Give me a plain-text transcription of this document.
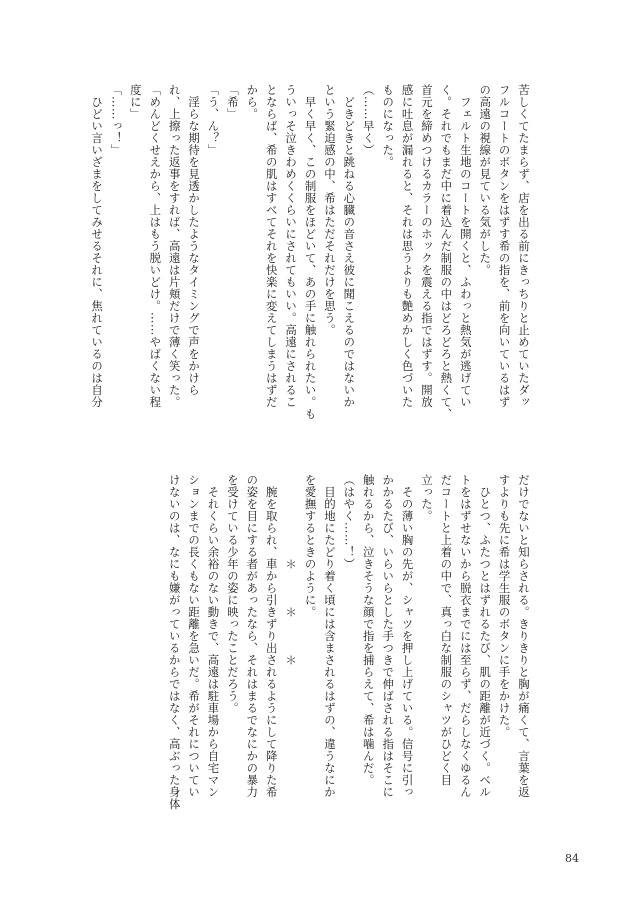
苦しくてたまらず、店を出る前にきっちりと止めていたダッ
フルコートのボタンをはずす希の指を、前を向いているはず
の高遠の視線が見ている気がした。
　フェルト生地のコートを開くと、ふわっと熱気が逃げてい
く。それでもまだ中に着込んだ制服の中はどろどろと熱くて、
首元を締めつけるカラーのホックを震える指ではずす。開放
感に吐息が漏れると、それは思うよりも艶めかしく色づいた
ものになった。
（……早く）
　どきどきと跳ねる心臓の音さえ彼に聞こえるのではないか
という緊迫感の中、希はただそれだけを思う。
　早く早く、この制服をほどいて、あの手に触れられたい。も
ういっそ泣きわめくくらいにされてもいい。高遠にされるこ
とならば、希の肌はすべてそれを快楽に変えてしまうはずだ
から。
「希」
「う、ん？」
　淫らな期待を見透かしたようなタイミングで声をかけら
れ、上擦った返事をすれば、高遠は片頬だけで薄く笑った。
「めんどくせえから、上はもう脱いどけ。……やばくない程
度に」
「……っ！」
　ひどい言いざまをしてみせるそれに、焦れているのは自分
だけでないと知らされる。きりきりと胸が痛くて、言葉を返
すよりも先に希は学生服のボタンに手をかけた。
　ひとつ、ふたつとはずれるたび、肌の距離が近づく。ベル
トをはずせないから脱衣までには至らず、だらしなくゆるん
だコートと上着の中で、真っ白な制服のシャツがひどく目
立った。
　その薄い胸の先が、シャツを押し上げている。信号に引っ
かかるたび、いらいらとした手つきで伸ばされる指はそこに
触れるから、泣きそうな顔で指を捕らえて、希は噛んだ。
（はやく……！）
　目的地にたどり着く頃には含まされるはずの、違うなにか
を愛撫するときのように。
　　　　　　　＊　　　＊　　　＊
　腕を取られ、車から引きずり出されるようにして降りた希
の姿を目にする者があったなら、それはまるでなにかの暴力
を受けている少年の姿に映ったことだろう。
　それくらい余裕のない動きで、高遠は駐車場から自宅マン
ションまでの長くもない距離を急いだ。希がそれについてい
けないのは、なにも嫌がっているからではなく、高ぶった身体
84
